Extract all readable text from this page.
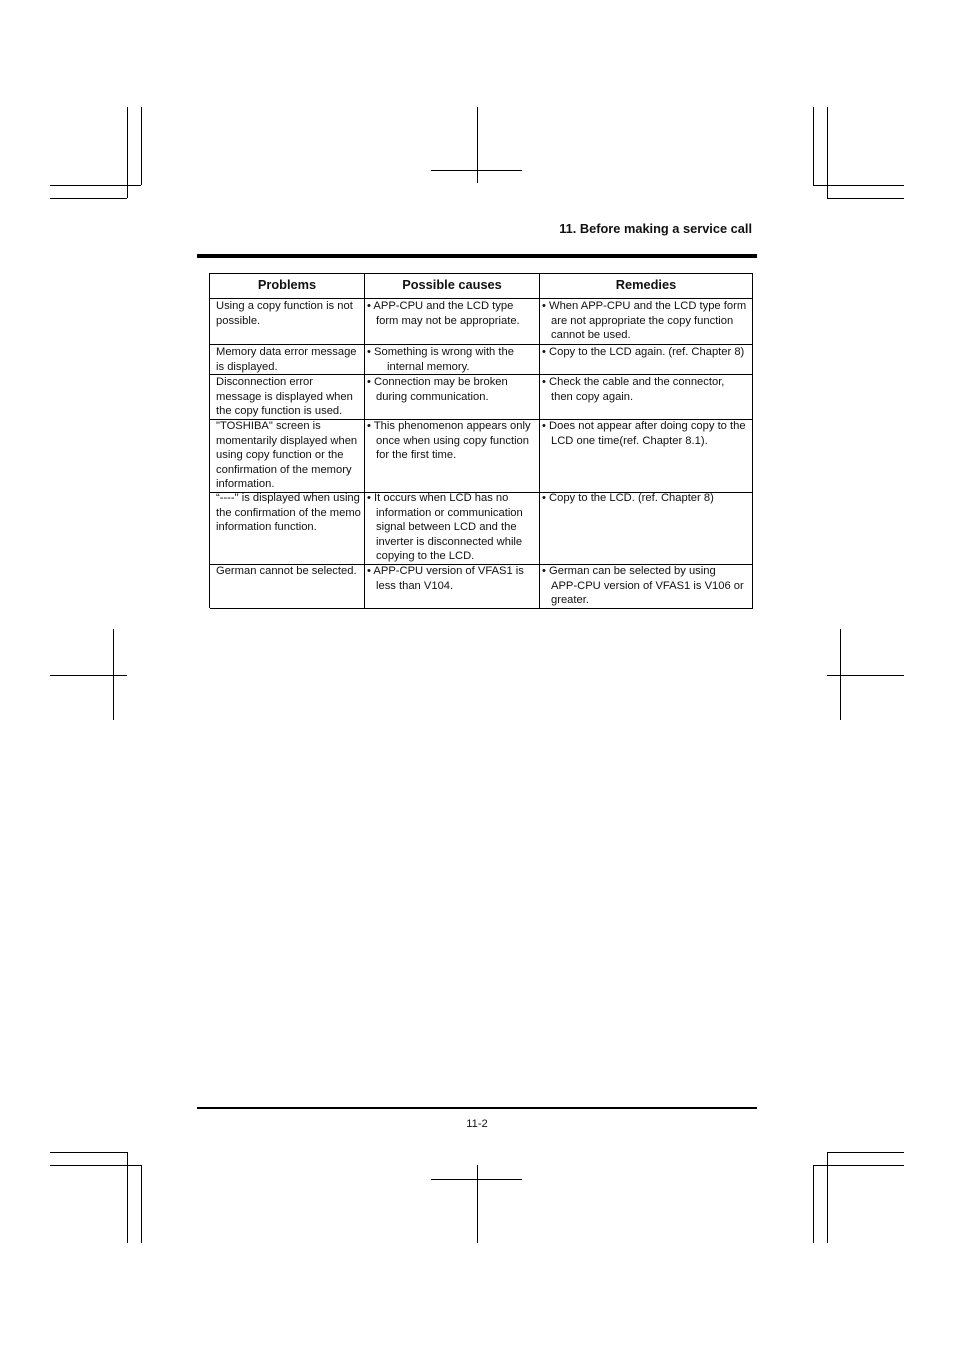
11. Before making a service call
Problems	Possible causes	Remedies
Using a copy function is not
possible.
• APP-CPU and the LCD type
form may not be appropriate.
• When APP-CPU and the LCD type form
are not appropriate the copy function
cannot be used.
Memory data error message
is displayed.
• Something is wrong with the
internal memory.
• Copy to the LCD again. (ref. Chapter 8)
Disconnection error
message is displayed when
the copy function is used.
• Connection may be broken
during communication.
• Check the cable and the connector,
then copy again.
"TOSHIBA" screen is
momentarily displayed when
using copy function or the
confirmation of the memory
information.
• This phenomenon appears only
once when using copy function
for the first time.
• Does not appear after doing copy to the
LCD one time(ref. Chapter 8.1).
“----" is displayed when using
the confirmation of the memo
information function.
• It occurs when LCD has no
information or communication
signal between LCD and the
inverter is disconnected while
copying to the LCD.
• Copy to the LCD. (ref. Chapter 8)
German cannot be selected. • APP-CPU version of VFAS1 is
less than V104.
• German can be selected by using
APP-CPU version of VFAS1 is V106 or
greater.
11-2
